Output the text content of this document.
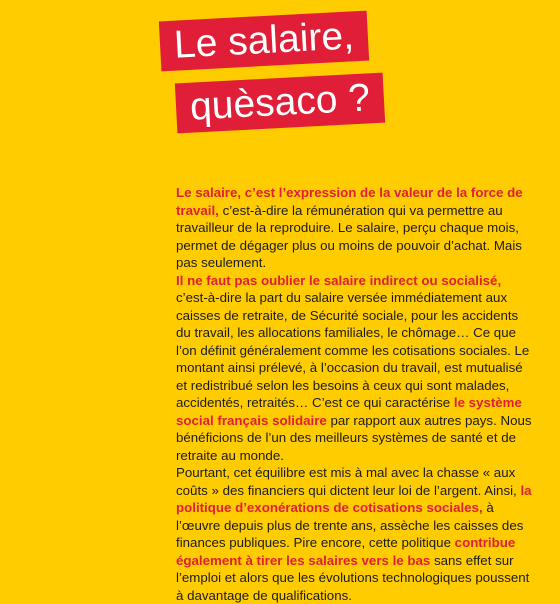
Le salaire,
quèsaco ?

Le salaire, c’est l’expression de la valeur de la force de travail, c’est-à-dire la rémunération qui va permettre au travailleur de la reproduire. Le salaire, perçu chaque mois, permet de dégager plus ou moins de pouvoir d’achat. Mais pas seulement.

Il ne faut pas oublier le salaire indirect ou socialisé, c’est-à-dire la part du salaire versée immédiatement aux caisses de retraite, de Sécurité sociale, pour les accidents du travail, les allocations familiales, le chômage… Ce que l’on définit généralement comme les cotisations sociales. Le montant ainsi prélevé, à l’occasion du travail, est mutualisé et redistribué selon les besoins à ceux qui sont malades, accidentés, retraités… C’est ce qui caractérise le système social français solidaire par rapport aux autres pays. Nous bénéficions de l’un des meilleurs systèmes de santé et de retraite au monde.

Pourtant, cet équilibre est mis à mal avec la chasse « aux coûts » des financiers qui dictent leur loi de l’argent. Ainsi, la politique d’exonérations de cotisations sociales, à l’œuvre depuis plus de trente ans, assèche les caisses des finances publiques. Pire encore, cette politique contribue également à tirer les salaires vers le bas sans effet sur l’emploi et alors que les évolutions technologiques poussent à davantage de qualifications.
